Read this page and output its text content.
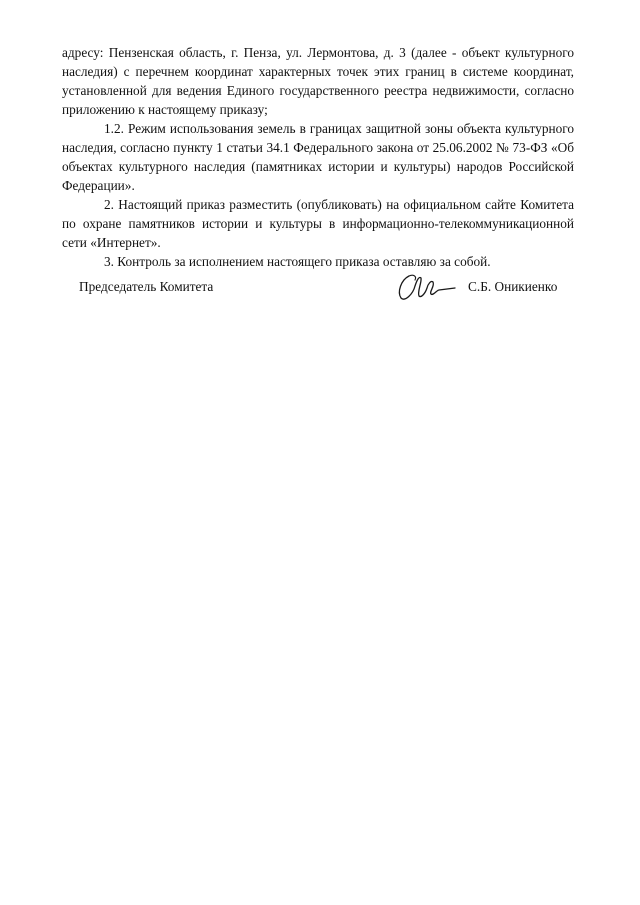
адресу: Пензенская область, г. Пенза, ул. Лермонтова, д. 3 (далее - объект культурного наследия) с перечнем координат характерных точек этих границ в системе координат, установленной для ведения Единого государственного реестра недвижимости, согласно приложению к настоящему приказу;

1.2. Режим использования земель в границах защитной зоны объекта культурного наследия, согласно пункту 1 статьи 34.1 Федерального закона от 25.06.2002 № 73-ФЗ «Об объектах культурного наследия (памятниках истории и культуры) народов Российской Федерации».

2. Настоящий приказ разместить (опубликовать) на официальном сайте Комитета по охране памятников истории и культуры в информационно-телекоммуникационной сети «Интернет».

3. Контроль за исполнением настоящего приказа оставляю за собой.

Председатель Комитета	С.Б. Оникиенко
